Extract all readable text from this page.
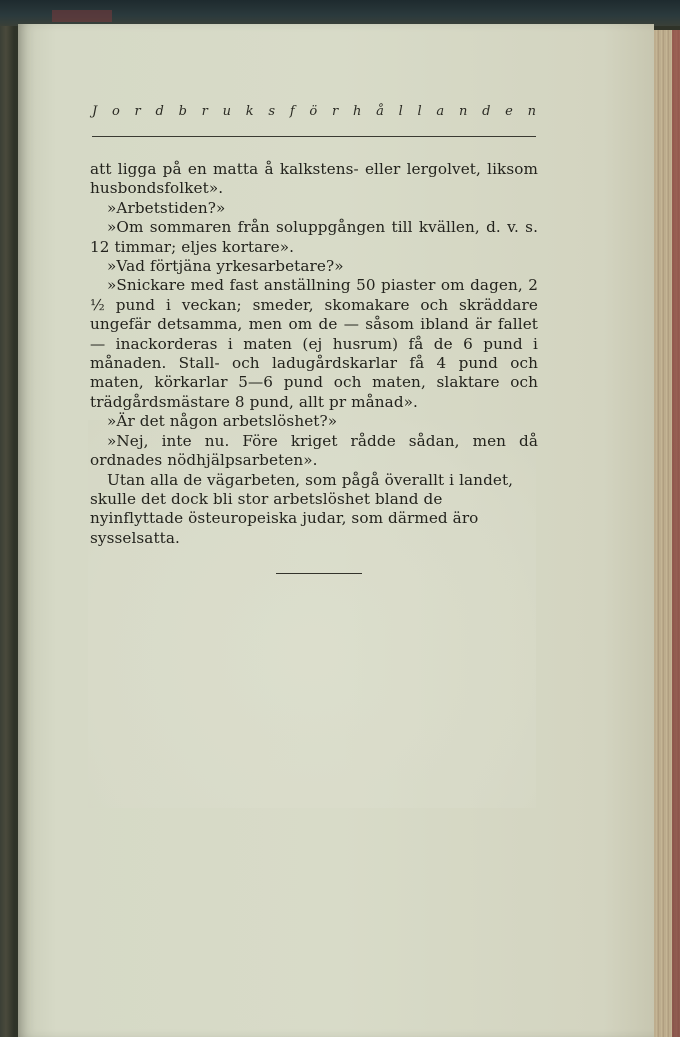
J o r d b r u k s f ö r h å l l a n d e n

att ligga på en matta å kalkstens- eller lergolvet, liksom husbondsfolket».

»Arbetstiden?»

»Om sommaren från soluppgången till kvällen, d. v. s. 12 timmar; eljes kortare».

»Vad förtjäna yrkesarbetare?»

»Snickare med fast anställning 50 piaster om dagen, 2 ½ pund i veckan; smeder, skomakare och skräddare ungefär detsamma, men om de — såsom ibland är fallet — inackorderas i maten (ej husrum) få de 6 pund i månaden. Stall- och ladugårdskarlar få 4 pund och maten, körkarlar 5—6 pund och maten, slaktare och trädgårdsmästare 8 pund, allt pr månad».

»Är det någon arbetslöshet?»

»Nej, inte nu. Före kriget rådde sådan, men då ordnades nödhjälpsarbeten».

Utan alla de vägarbeten, som pågå överallt i landet, skulle det dock bli stor arbetslöshet bland de nyinflyttade östeuropeiska judar, som därmed äro sysselsatta.
